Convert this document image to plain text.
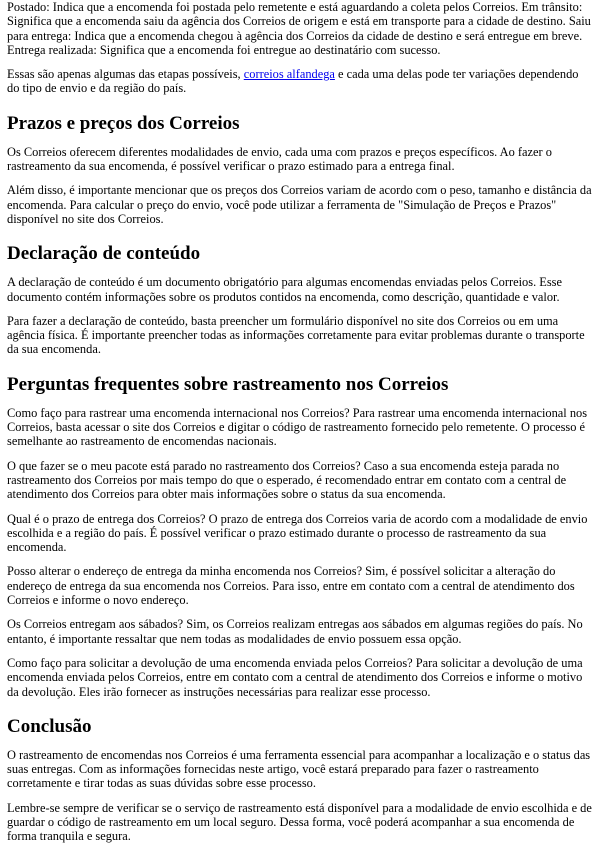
Postado: Indica que a encomenda foi postada pelo remetente e está aguardando a coleta pelos Correios. Em trânsito: Significa que a encomenda saiu da agência dos Correios de origem e está em transporte para a cidade de destino. Saiu para entrega: Indica que a encomenda chegou à agência dos Correios da cidade de destino e será entregue em breve. Entrega realizada: Significa que a encomenda foi entregue ao destinatário com sucesso.

Essas são apenas algumas das etapas possíveis, correios alfandega e cada uma delas pode ter variações dependendo do tipo de envio e da região do país.

Prazos e preços dos Correios

Os Correios oferecem diferentes modalidades de envio, cada uma com prazos e preços específicos. Ao fazer o rastreamento da sua encomenda, é possível verificar o prazo estimado para a entrega final.

Além disso, é importante mencionar que os preços dos Correios variam de acordo com o peso, tamanho e distância da encomenda. Para calcular o preço do envio, você pode utilizar a ferramenta de "Simulação de Preços e Prazos" disponível no site dos Correios.

Declaração de conteúdo

A declaração de conteúdo é um documento obrigatório para algumas encomendas enviadas pelos Correios. Esse documento contém informações sobre os produtos contidos na encomenda, como descrição, quantidade e valor.

Para fazer a declaração de conteúdo, basta preencher um formulário disponível no site dos Correios ou em uma agência física. É importante preencher todas as informações corretamente para evitar problemas durante o transporte da sua encomenda.

Perguntas frequentes sobre rastreamento nos Correios

Como faço para rastrear uma encomenda internacional nos Correios? Para rastrear uma encomenda internacional nos Correios, basta acessar o site dos Correios e digitar o código de rastreamento fornecido pelo remetente. O processo é semelhante ao rastreamento de encomendas nacionais.

O que fazer se o meu pacote está parado no rastreamento dos Correios? Caso a sua encomenda esteja parada no rastreamento dos Correios por mais tempo do que o esperado, é recomendado entrar em contato com a central de atendimento dos Correios para obter mais informações sobre o status da sua encomenda.

Qual é o prazo de entrega dos Correios? O prazo de entrega dos Correios varia de acordo com a modalidade de envio escolhida e a região do país. É possível verificar o prazo estimado durante o processo de rastreamento da sua encomenda.

Posso alterar o endereço de entrega da minha encomenda nos Correios? Sim, é possível solicitar a alteração do endereço de entrega da sua encomenda nos Correios. Para isso, entre em contato com a central de atendimento dos Correios e informe o novo endereço.

Os Correios entregam aos sábados? Sim, os Correios realizam entregas aos sábados em algumas regiões do país. No entanto, é importante ressaltar que nem todas as modalidades de envio possuem essa opção.

Como faço para solicitar a devolução de uma encomenda enviada pelos Correios? Para solicitar a devolução de uma encomenda enviada pelos Correios, entre em contato com a central de atendimento dos Correios e informe o motivo da devolução. Eles irão fornecer as instruções necessárias para realizar esse processo.

Conclusão

O rastreamento de encomendas nos Correios é uma ferramenta essencial para acompanhar a localização e o status das suas entregas. Com as informações fornecidas neste artigo, você estará preparado para fazer o rastreamento corretamente e tirar todas as suas dúvidas sobre esse processo.

Lembre-se sempre de verificar se o serviço de rastreamento está disponível para a modalidade de envio escolhida e de guardar o código de rastreamento em um local seguro. Dessa forma, você poderá acompanhar a sua encomenda de forma tranquila e segura.
